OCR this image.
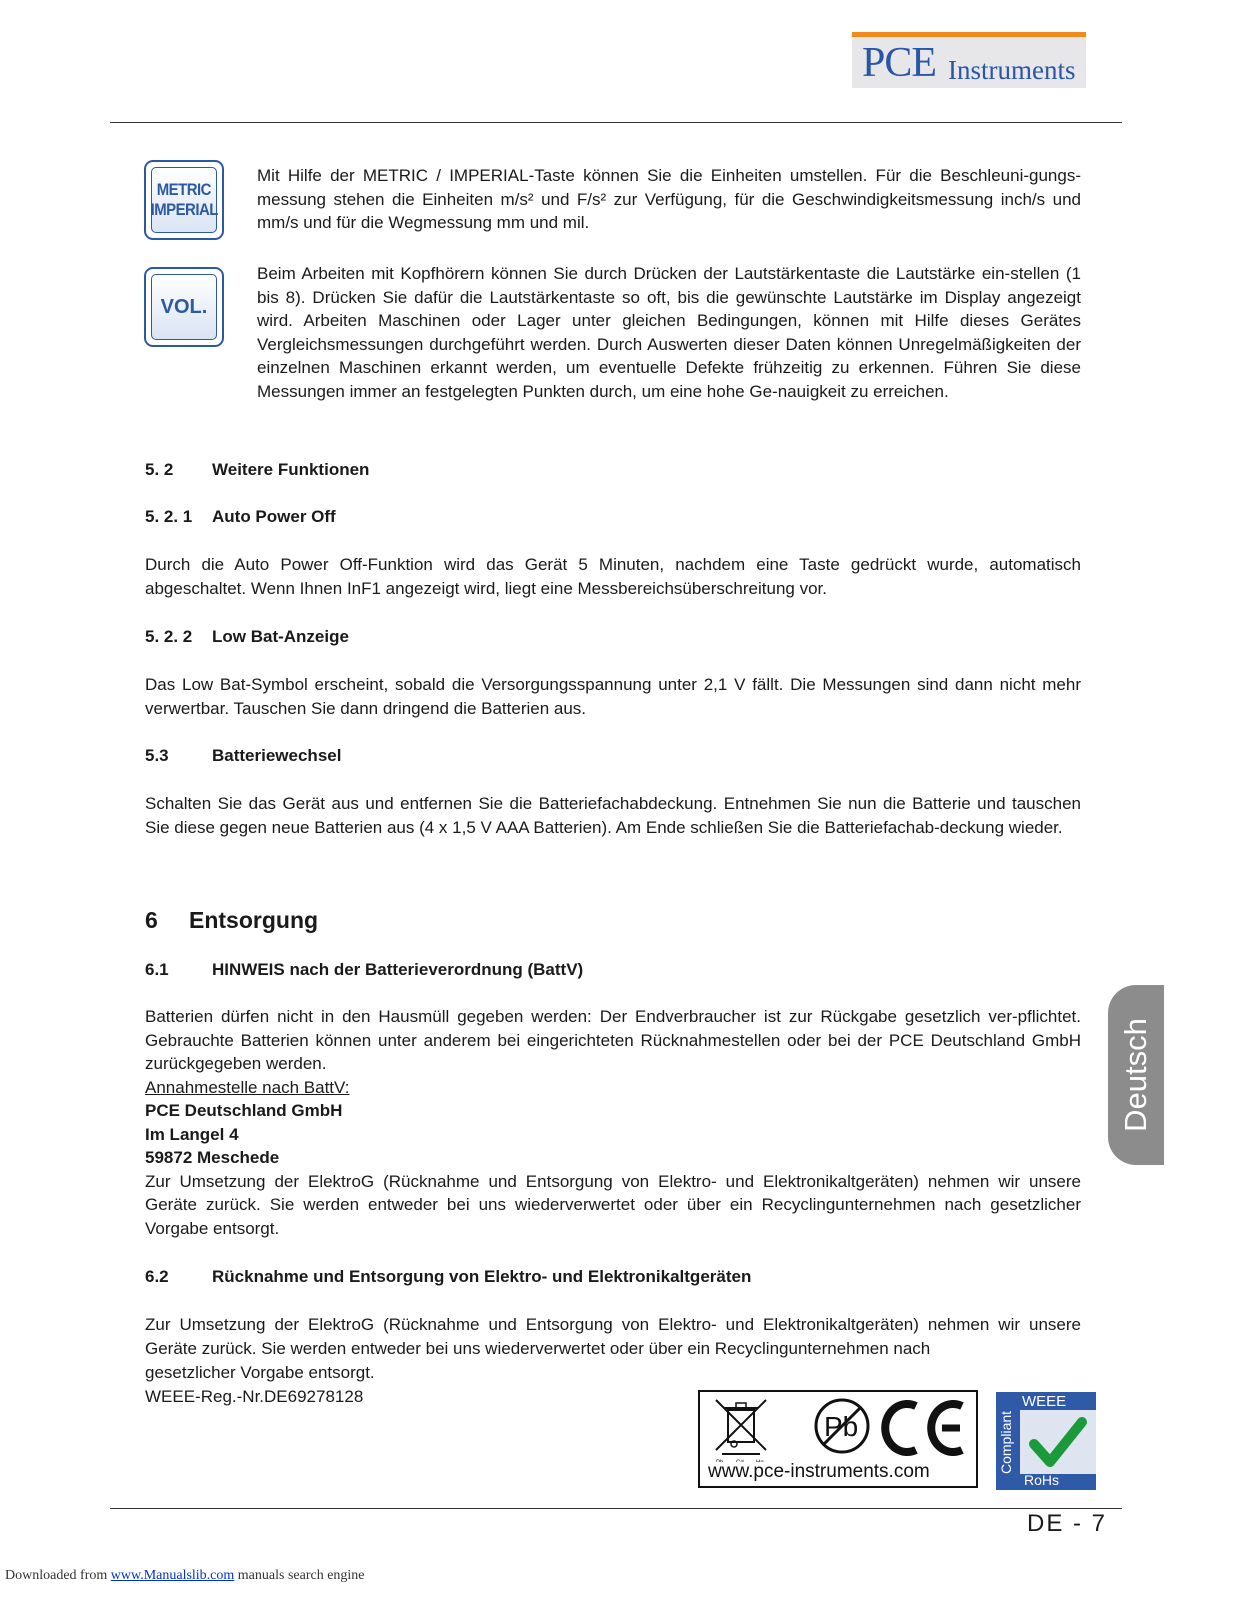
PCE Instruments
METRIC
IMPERIAL

Mit Hilfe der METRIC / IMPERIAL-Taste können Sie die Einheiten umstellen. Für die Beschleuni-gungs-messung stehen die Einheiten m/s² und F/s² zur Verfügung, für die Geschwindigkeitsmessung inch/s und mm/s und für die Wegmessung mm und mil.

VOL.

Beim Arbeiten mit Kopfhörern können Sie durch Drücken der Lautstärkentaste die Lautstärke ein-stellen (1 bis 8). Drücken Sie dafür die Lautstärkentaste so oft, bis die gewünschte Lautstärke im Display angezeigt wird. Arbeiten Maschinen oder Lager unter gleichen Bedingungen, können mit Hilfe dieses Gerätes Vergleichsmessungen durchgeführt werden. Durch Auswerten dieser Daten können Unregelmäßigkeiten der einzelnen Maschinen erkannt werden, um eventuelle Defekte frühzeitig zu erkennen. Führen Sie diese Messungen immer an festgelegten Punkten durch, um eine hohe Ge-nauigkeit zu erreichen.

5. 2 Weitere Funktionen
5. 2. 1 Auto Power Off

Durch die Auto Power Off-Funktion wird das Gerät 5 Minuten, nachdem eine Taste gedrückt wurde, automatisch abgeschaltet. Wenn Ihnen InF1 angezeigt wird, liegt eine Messbereichsüberschreitung vor.

5. 2. 2 Low Bat-Anzeige

Das Low Bat-Symbol erscheint, sobald die Versorgungsspannung unter 2,1 V fällt. Die Messungen sind dann nicht mehr verwertbar. Tauschen Sie dann dringend die Batterien aus.

5.3	Batteriewechsel

Schalten Sie das Gerät aus und entfernen Sie die Batteriefachabdeckung. Entnehmen Sie nun die Batterie und tauschen Sie diese gegen neue Batterien aus (4 x 1,5 V AAA Batterien). Am Ende schließen Sie die Batteriefachab-deckung wieder.

6 Entsorgung
6.1	HINWEIS nach der Batterieverordnung (BattV)
Batterien dürfen nicht in den Hausmüll gegeben werden: Der Endverbraucher ist zur Rückgabe gesetzlich ver-pflichtet. Gebrauchte Batterien können unter anderem bei eingerichteten Rücknahmestellen oder bei der PCE Deutschland GmbH zurückgegeben werden.
Annahmestelle nach BattV:
PCE Deutschland GmbH
Im Langel 4
59872 Meschede
Zur Umsetzung der ElektroG (Rücknahme und Entsorgung von Elektro- und Elektronikaltgeräten) nehmen wir unsere Geräte zurück. Sie werden entweder bei uns wiederverwertet oder über ein Recyclingunternehmen nach gesetzlicher Vorgabe entsorgt.
6.2	Rücknahme und Entsorgung von Elektro- und Elektronikaltgeräten

Zur Umsetzung der ElektroG (Rücknahme und Entsorgung von Elektro- und Elektronikaltgeräten) nehmen wir unsere Geräte zurück. Sie werden entweder bei uns wiederverwertet oder über ein Recyclingunternehmen nach

gesetzlicher Vorgabe entsorgt.
WEEE-Reg.-Nr.DE69278128
Pb
www.pce-instruments.com
WEEE
Compliant
RoHs
Deutsch
DE - 7
Downloaded from www.Manualslib.com manuals search engine
